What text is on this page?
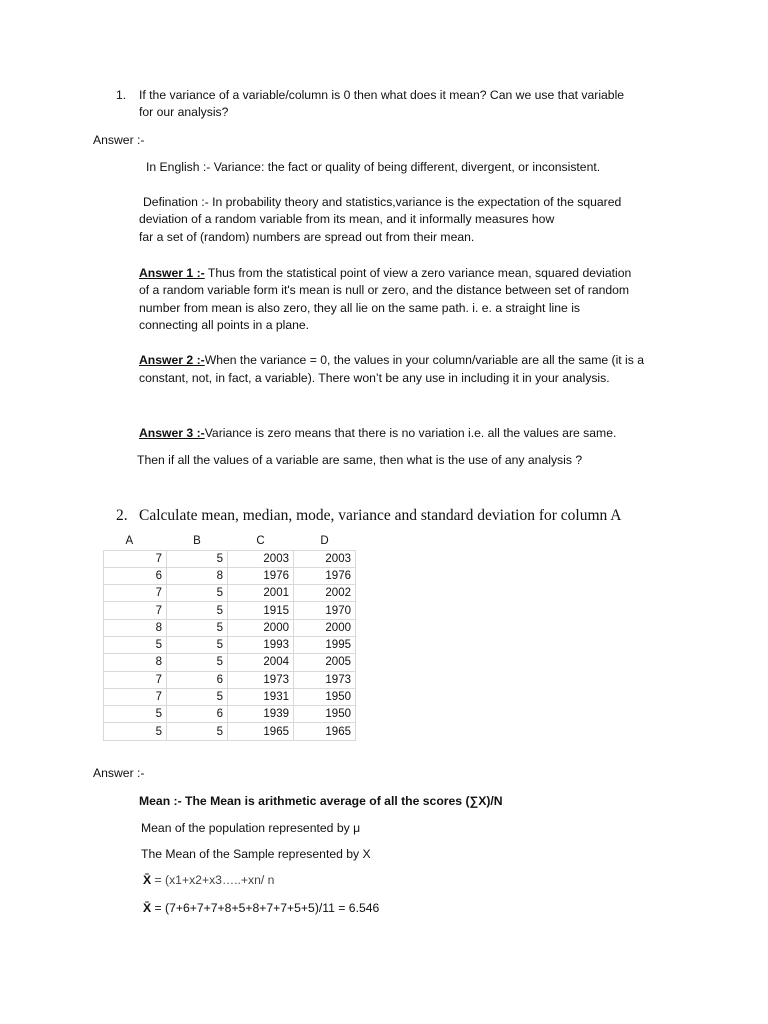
1. If the variance of a variable/column is 0 then what does it mean? Can we use that variable
for our analysis?
Answer :-
In English :- Variance: the fact or quality of being different, divergent, or inconsistent.
Defination :- In probability theory and statistics,variance is the expectation of the squared
deviation of a random variable from its mean, and it informally measures how
far a set of (random) numbers are spread out from their mean.
Answer 1 :- Thus from the statistical point of view a zero variance mean, squared deviation
of a random variable form it's mean is null or zero, and the distance between set of random
number from mean is also zero, they all lie on the same path. i. e. a straight line is
connecting all points in a plane.
Answer 2 :-When the variance = 0, the values in your column/variable are all the same (it is a
constant, not, in fact, a variable). There won’t be any use in including it in your analysis.
Answer 3 :-Variance is zero means that there is no variation i.e. all the values are same.
Then if all the values of a variable are same, then what is the use of any analysis ?
2. Calculate mean, median, mode, variance and standard deviation for column A
A	B	C	D
7	5	2003	2003
6	8	1976	1976
7	5	2001	2002
7	5	1915	1970
8	5	2000	2000
5	5	1993	1995
8	5	2004	2005
7	6	1973	1973
7	5	1931	1950
5	6	1939	1950
5	5	1965	1965
Answer :-
Mean :- The Mean is arithmetic average of all the scores (∑X)/N
Mean of the population represented by μ
The Mean of the Sample represented by X
X̄ = (x1+x2+x3…..+xn/ n
X̄ = (7+6+7+7+8+5+8+7+7+5+5)/11 = 6.546
